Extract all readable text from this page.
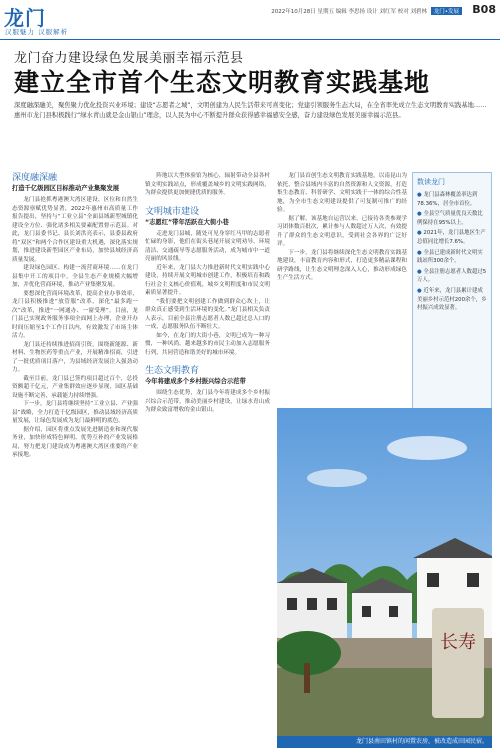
龙门
汉服魅力 汉服解析
2022年10月28日 星期五 编辑 李思扬 设计 刘红军 校对 刘碧林 龙门•发展 B08
龙门奋力建设绿色发展美丽幸福示范县
建立全市首个生态文明教育实践基地
深度融深融美，聚焦聚力优化投资兴业环境；建设“志愿者之城”，文明创建为人民生活带来可喜变化；党建引领服务生态大局，在全省率先成立生态文明教育实践基地……惠州市龙门县积极践行“绿水青山就是金山银山”理念，以人民为中心不断提升群众获得感幸福感安全感，奋力建设绿色发展美丽幸福示范县。
深度融深融
打造千亿级园区目标推动产业集聚发展

龙门县抢抓粤港澳大湾区建设、区位和自然生态资源禀赋优势显著，2022年惠州市高质量工作报告提出，坚持与“工业立县”全面县域新型城镇化建设全方位、强化诸多相关要素配置督示范县。对此，龙门县委书记、县长刘洪亮表示，县委县政府将“双区”和两个合作区建设重大机遇，深化落实规划，推进建设新型园区产业布局，加快县域经济高质量发展。

建设绿色园区、构建一流营商环境……在龙门县集中开工的项目中，全县生态产业规模大幅增加，并优化营商环境，推动产业集聚发展。

要想深化营商环境改革，提高企业办事效率，龙门县积极推进“放管服”改革，深化“最多跑一次”改革，推进“一网通办、一窗受理”。目前，龙门县已实现政务服务事项全面网上办理，企业开办时间压缩至1个工作日以内，有效激发了市场主体活力。

龙门县还持续推进招商引资，围绕新能源、新材料、生物医药等重点产业，开展精准招商，引进了一批优质项目落户，为县域经济发展注入强劲动力。

截至目前，龙门县已签约项目超过百个，总投资额超千亿元，产业集群效应逐步显现，园区基础设施不断完善，承载能力持续增强。

下一步，龙门县将继续坚持“工业立县、产业强县”战略，全力打造千亿级园区，推动县域经济高质量发展，让绿色发展成为龙门最鲜明的底色。

据介绍，园区将重点发展先进制造业和现代服务业，加快形成特色鲜明、优势互补的产业发展格局，努力把龙门建设成为粤港澳大湾区重要的产业承接地。

阵地以大型体验馆为核心，辐射带动全县各村镇文明实践站点，形成覆盖城乡的文明实践网络，为群众提供更加便捷优质的服务。

文明城市建设
“志愿红”带年活跃在大街小巷

走进龙门县城，随处可见身穿红马甲的志愿者忙碌的身影，他们在街头巷尾开展文明劝导、环境清洁、交通疏导等志愿服务活动，成为城市中一道亮丽的风景线。

近年来，龙门县大力推进新时代文明实践中心建设，持续开展文明城市创建工作，积极培育和践行社会主义核心价值观，城乡文明程度和市民文明素质显著提升。

“我们要把文明创建工作做到群众心坎上，让群众真正感受到生活环境的变化。”龙门县相关负责人表示，目前全县注册志愿者人数已超过总人口的一成，志愿服务队伍不断壮大。

如今，在龙门的大街小巷，文明已成为一种习惯，一种风尚，越来越多的市民主动加入志愿服务行列，共同营造和谐美好的城市环境。

生态文明教育
今年将建成多个乡村振兴综合示范带

围绕生态优势，龙门县今年将建成多个乡村振兴综合示范带，推动美丽乡村建设，让绿水青山成为群众致富增收的金山银山。

龙门县首创生态文明教育实践基地，以南昆山为依托，整合县域内丰富的自然资源和人文资源，打造集生态教育、科普研学、文明实践于一体的综合性基地，为全市生态文明建设提供了可复制可推广的经验。

据了解，该基地自运营以来，已接待各类参观学习团体数百批次，累计参与人数超过万人次，有效提升了群众的生态文明意识，受到社会各界的广泛好评。

下一步，龙门县将继续深化生态文明教育实践基地建设，丰富教育内容和形式，打造更多精品课程和研学路线，让生态文明理念深入人心，推动形成绿色生产生活方式。

数读龙门
● 龙门县森林覆盖率达到78.36%，居全市首位。
● 全县空气质量优良天数比例保持在95%以上。
● 2021年，龙门县地区生产总值同比增长7.6%。
● 全县已建成新时代文明实践站所300余个。
● 全县注册志愿者人数超过5万人。
● 近年来，龙门县累计建成美丽乡村示范村200余个，乡村振兴成效显著。
长寿
龙门县南田镇村的闲置农房，被改造成田园民宿。
